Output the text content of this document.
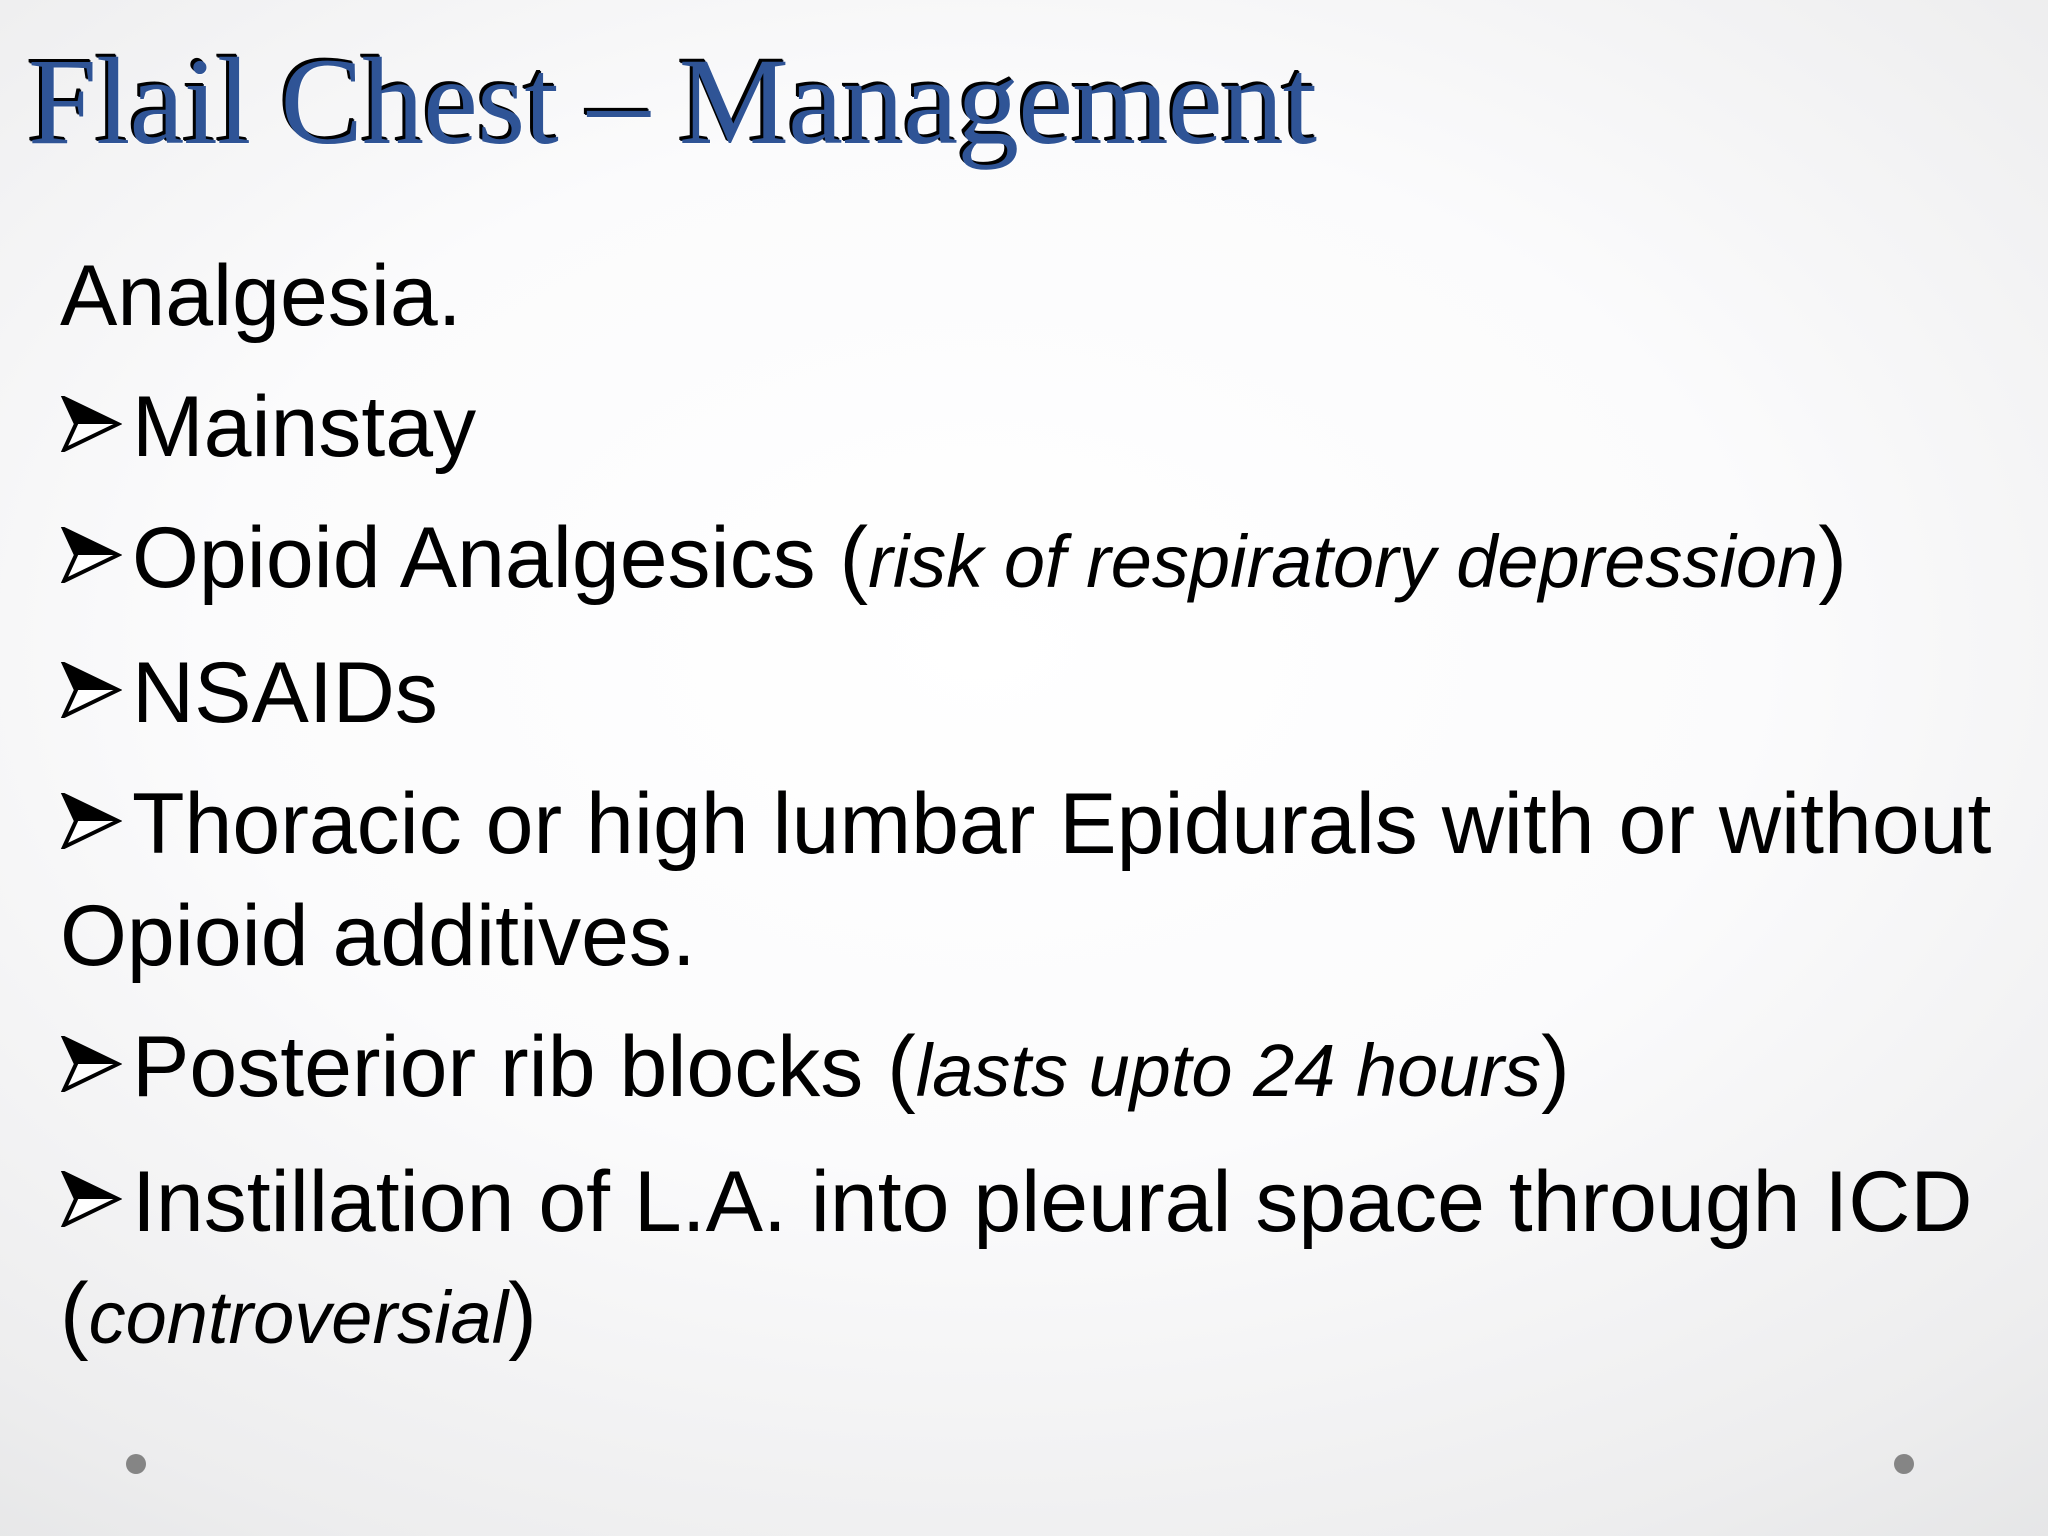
Flail Chest – Management

Analgesia.

Mainstay
Opioid Analgesics (risk of respiratory depression)
NSAIDs
Thoracic or high lumbar Epidurals with or without Opioid additives.
Posterior rib blocks (lasts upto 24 hours)
Instillation of L.A. into pleural space through ICD (controversial)
